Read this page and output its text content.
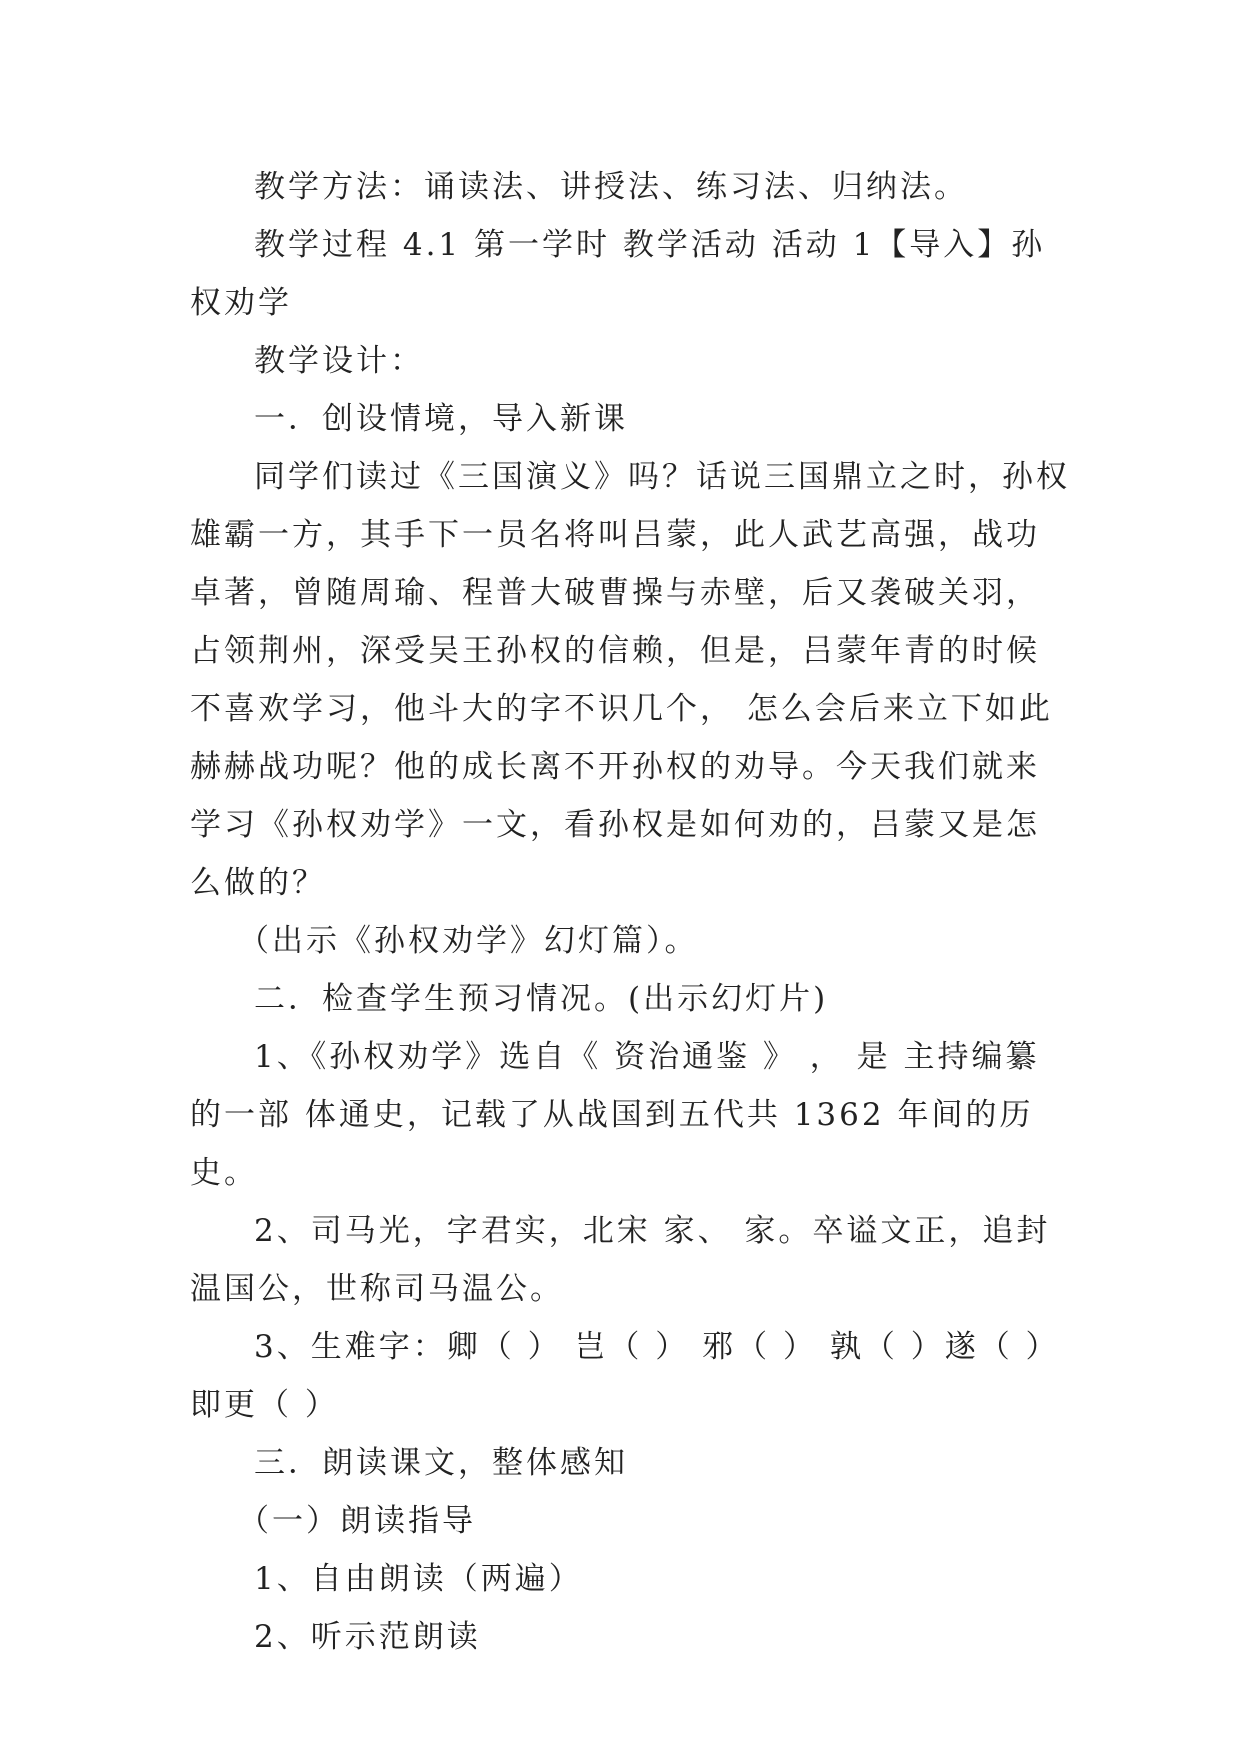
教学方法：诵读法、讲授法、练习法、归纳法。

教学过程 4.1 第一学时 教学活动 活动 1【导入】孙权劝学

教学设计：

一．创设情境，导入新课

同学们读过《三国演义》吗？话说三国鼎立之时，孙权雄霸一方，其手下一员名将叫吕蒙，此人武艺高强，战功卓著，曾随周瑜、程普大破曹操与赤壁，后又袭破关羽，占领荆州，深受吴王孙权的信赖，但是，吕蒙年青的时候不喜欢学习，他斗大的字不识几个， 怎么会后来立下如此赫赫战功呢？他的成长离不开孙权的劝导。今天我们就来学习《孙权劝学》一文，看孙权是如何劝的，吕蒙又是怎么做的？

（出示《孙权劝学》幻灯篇）。

二．检查学生预习情况。(出示幻灯片)

1、《孙权劝学》选自《 资治通鉴 》 ， 是 主持编纂的一部 体通史，记载了从战国到五代共 1362 年间的历史。

2、司马光，字君实，北宋 家、 家。卒谥文正，追封温国公，世称司马温公。

3、生难字：卿（ ） 岂（ ） 邪（ ） 孰（ ）遂（ ）即更（ ）

三．朗读课文，整体感知

（一）朗读指导

1、自由朗读（两遍）

2、听示范朗读
